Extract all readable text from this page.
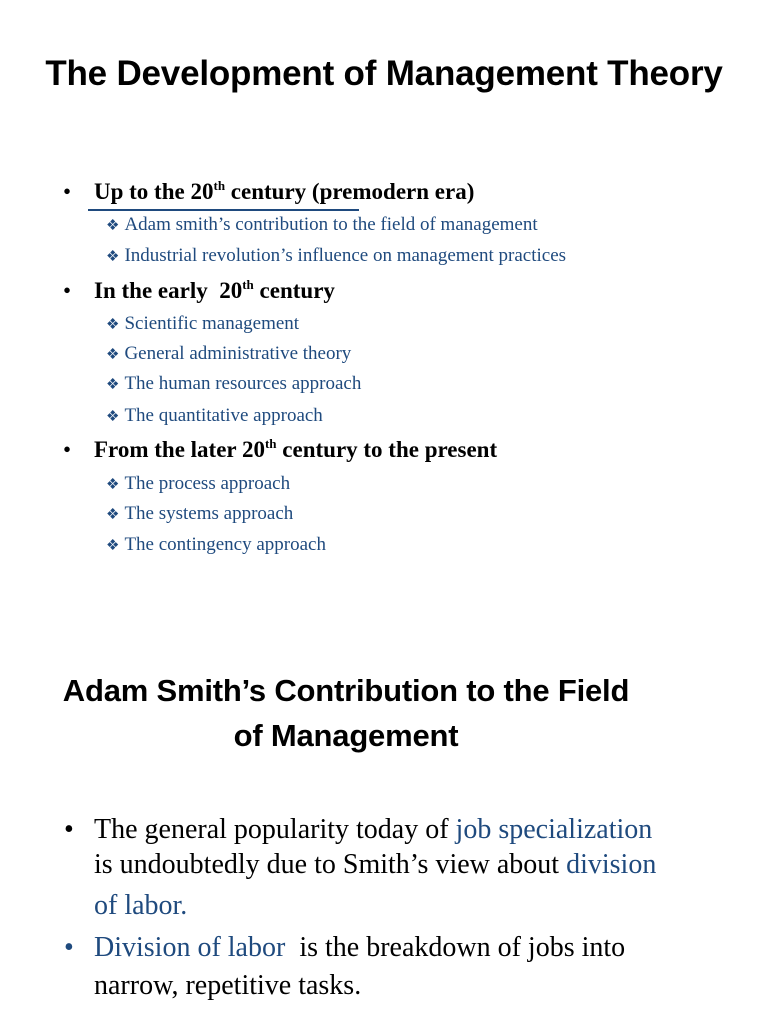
The Development of Management Theory
• Up to the 20th century (premodern era)
❖ Adam smith’s contribution to the field of management
❖ Industrial revolution’s influence on management practices
• In the early  20th century
❖ Scientific management
❖ General administrative theory
❖ The human resources approach
❖ The quantitative approach
• From the later 20th century to the present
❖ The process approach
❖ The systems approach
❖ The contingency approach
Adam Smith’s Contribution to the Field
of Management
• The general popularity today of job specialization
is undoubtedly due to Smith’s view about division
of labor.
• Division of labor  is the breakdown of jobs into
narrow, repetitive tasks.
